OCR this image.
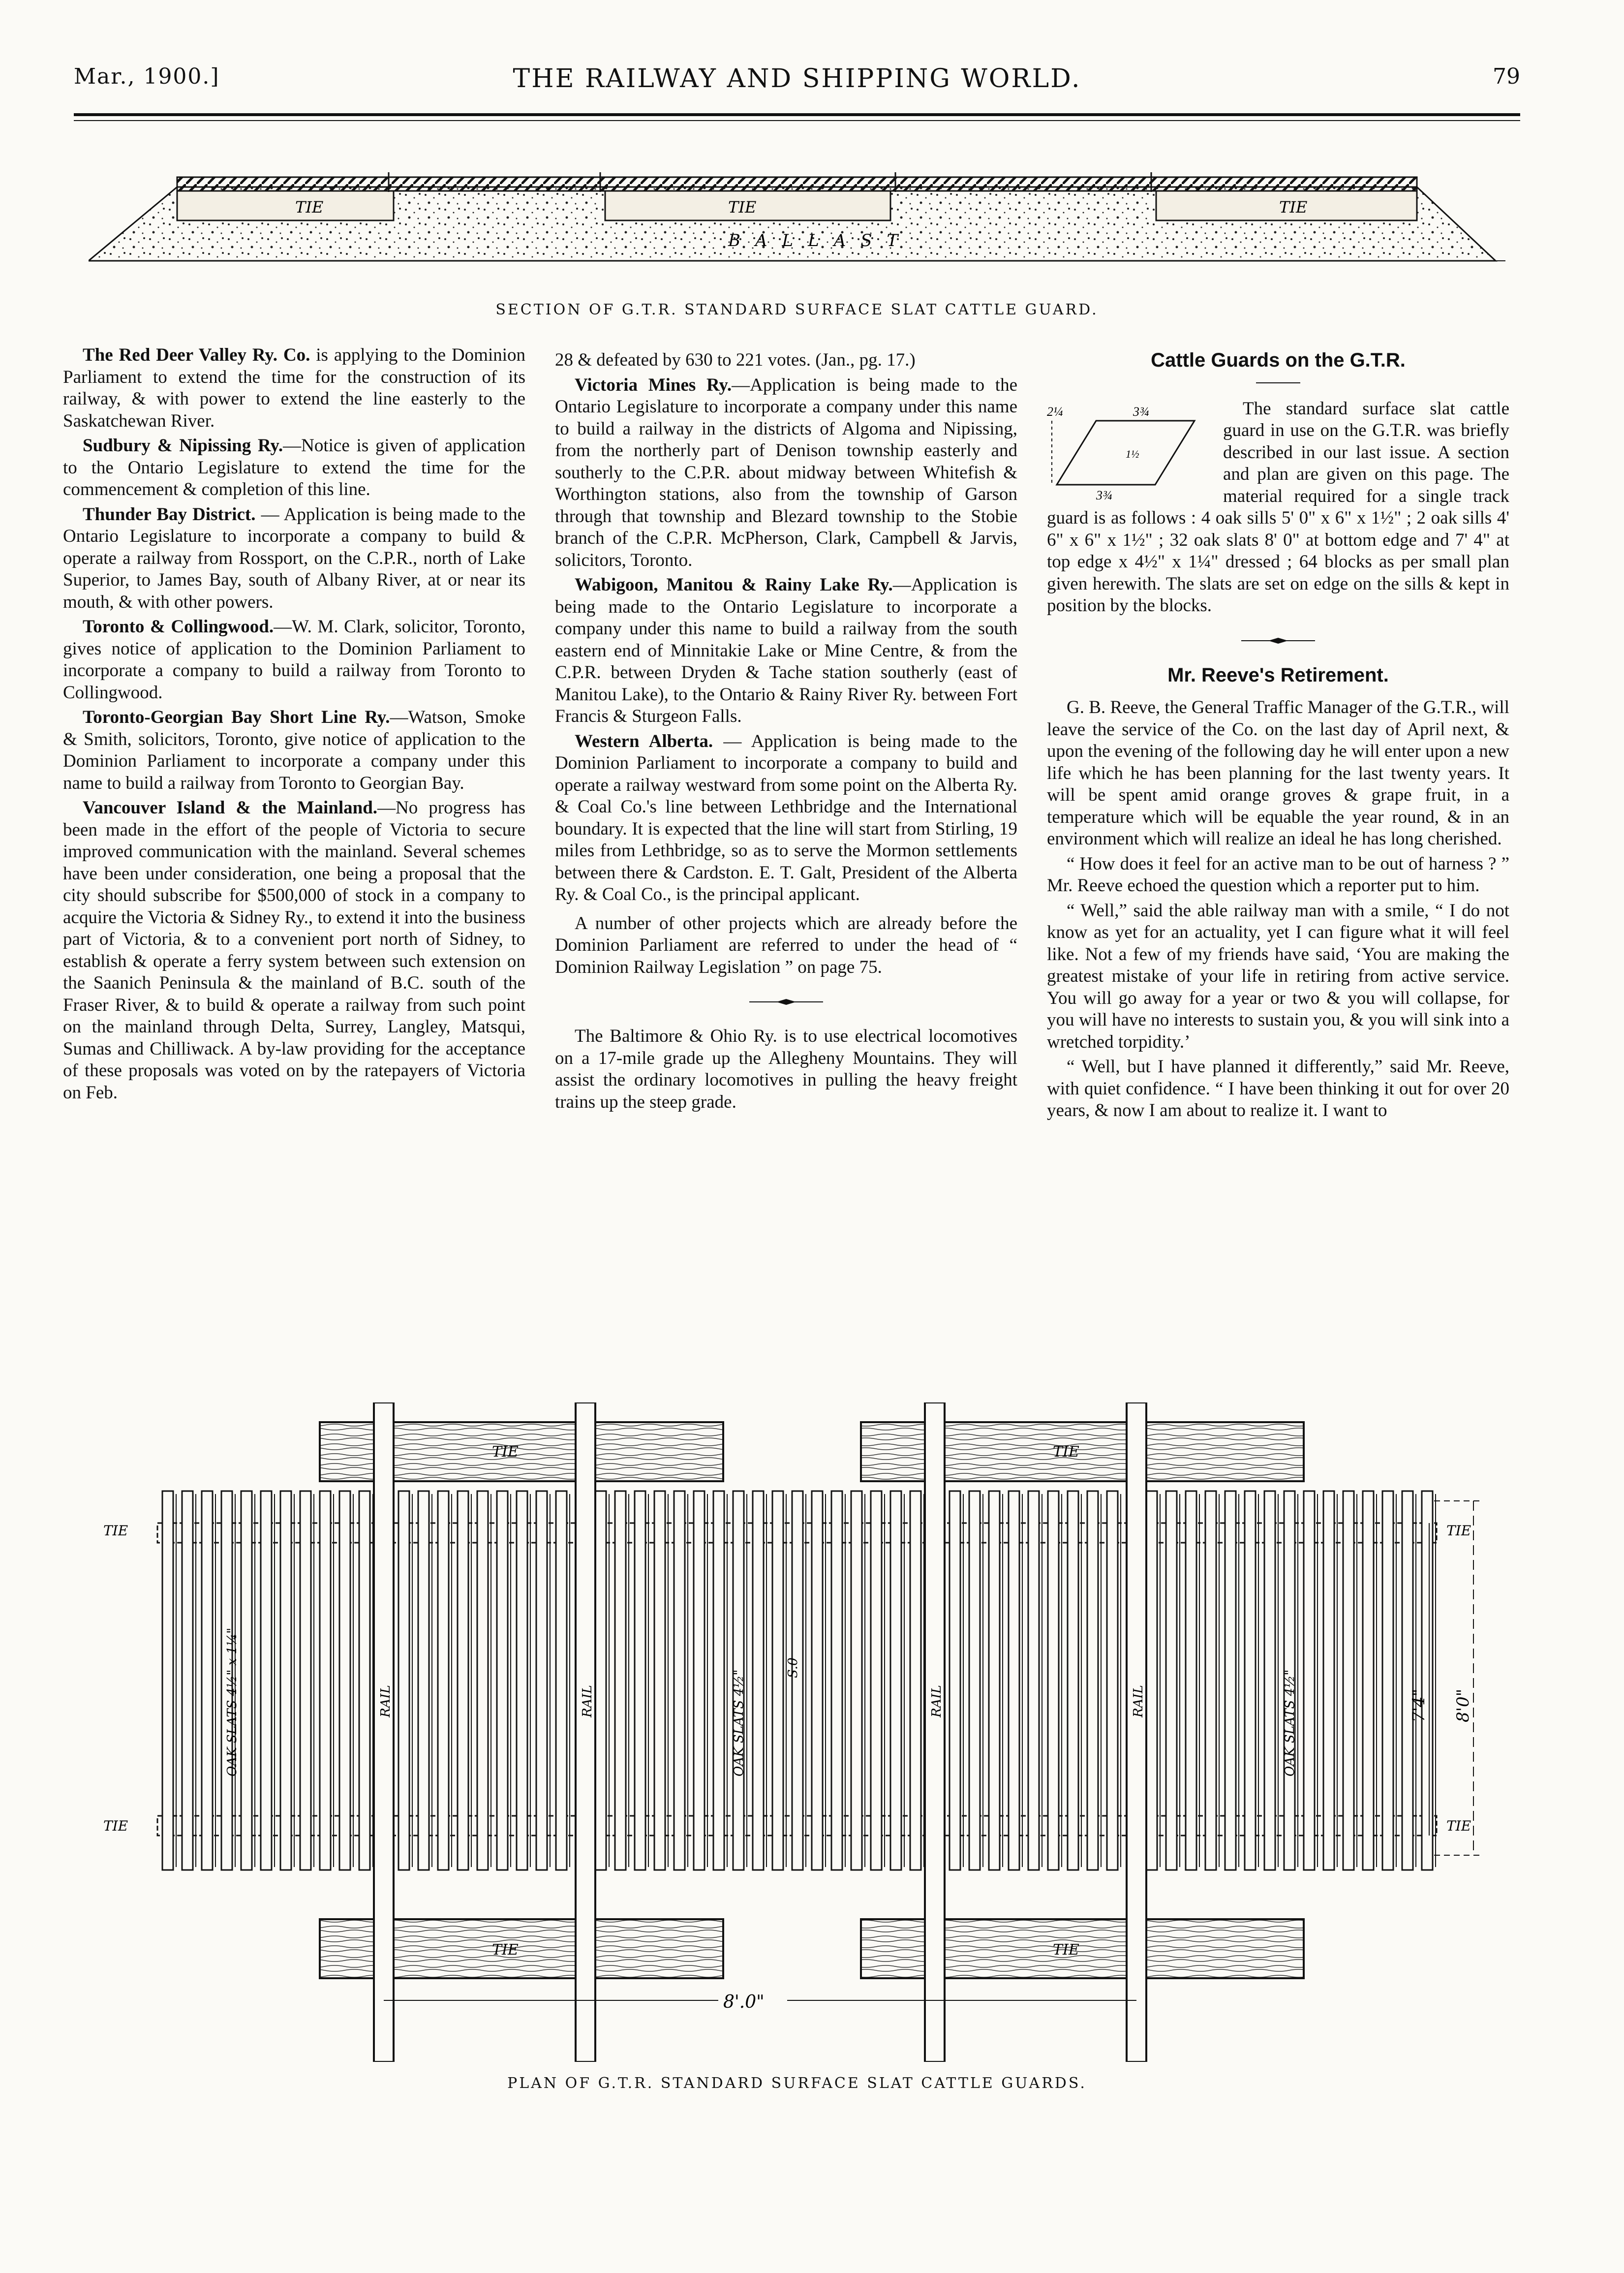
Mar., 1900.]	THE RAILWAY AND SHIPPING WORLD.	79
TIE	TIE	TIE
BALLAST
SECTION OF G.T.R. STANDARD SURFACE SLAT CATTLE GUARD.

The Red Deer Valley Ry. Co. is applying to the Dominion Parliament to extend the time for the construction of its railway, & with power to extend the line easterly to the Saskatchewan River.

Sudbury & Nipissing Ry.—Notice is given of application to the Ontario Legislature to extend the time for the commencement & completion of this line.

Thunder Bay District. — Application is being made to the Ontario Legislature to incorporate a company to build & operate a railway from Rossport, on the C.P.R., north of Lake Superior, to James Bay, south of Albany River, at or near its mouth, & with other powers.

Toronto & Collingwood.—W. M. Clark, solicitor, Toronto, gives notice of application to the Dominion Parliament to incorporate a company to build a railway from Toronto to Collingwood.

Toronto-Georgian Bay Short Line Ry.—Watson, Smoke & Smith, solicitors, Toronto, give notice of application to the Dominion Parliament to incorporate a company under this name to build a railway from Toronto to Georgian Bay.

Vancouver Island & the Mainland.—No progress has been made in the effort of the people of Victoria to secure improved communication with the mainland. Several schemes have been under consideration, one being a proposal that the city should subscribe for $500,000 of stock in a company to acquire the Victoria & Sidney Ry., to extend it into the business part of Victoria, & to a convenient port north of Sidney, to establish & operate a ferry system between such extension on the Saanich Peninsula & the mainland of B.C. south of the Fraser River, & to build & operate a railway from such point on the mainland through Delta, Surrey, Langley, Matsqui, Sumas and Chilliwack. A by-law providing for the acceptance of these proposals was voted on by the ratepayers of Victoria on Feb.

28 & defeated by 630 to 221 votes. (Jan., pg. 17.)

Victoria Mines Ry.—Application is being made to the Ontario Legislature to incorporate a company under this name to build a railway in the districts of Algoma and Nipissing, from the northerly part of Denison township easterly and southerly to the C.P.R. about midway between Whitefish & Worthington stations, also from the township of Garson through that township and Blezard township to the Stobie branch of the C.P.R. McPherson, Clark, Campbell & Jarvis, solicitors, Toronto.

Wabigoon, Manitou & Rainy Lake Ry.—Application is being made to the Ontario Legislature to incorporate a company under this name to build a railway from the south eastern end of Minnitakie Lake or Mine Centre, & from the C.P.R. between Dryden & Tache station southerly (east of Manitou Lake), to the Ontario & Rainy River Ry. between Fort Francis & Sturgeon Falls.

Western Alberta. — Application is being made to the Dominion Parliament to incorporate a company to build and operate a railway westward from some point on the Alberta Ry. & Coal Co.'s line between Lethbridge and the International boundary. It is expected that the line will start from Stirling, 19 miles from Lethbridge, so as to serve the Mormon settlements between there & Cardston. E. T. Galt, President of the Alberta Ry. & Coal Co., is the principal applicant.

A number of other projects which are already before the Dominion Parliament are referred to under the head of “ Dominion Railway Legislation ” on page 75.

The Baltimore & Ohio Ry. is to use electrical locomotives on a 17-mile grade up the Allegheny Mountains. They will assist the ordinary locomotives in pulling the heavy freight trains up the steep grade.

Cattle Guards on the G.T.R.
2¼	3¾
3¾
1½

The standard surface slat cattle guard in use on the G.T.R. was briefly described in our last issue. A section and plan are given on this page. The material required for a single track guard is as follows : 4 oak sills 5' 0" x 6" x 1½" ; 2 oak sills 4' 6" x 6" x 1½" ; 32 oak slats 8' 0" at bottom edge and 7' 4" at top edge x 4½" x 1¼" dressed ; 64 blocks as per small plan given herewith. The slats are set on edge on the sills & kept in position by the blocks.

Mr. Reeve's Retirement.

G. B. Reeve, the General Traffic Manager of the G.T.R., will leave the service of the Co. on the last day of April next, & upon the evening of the following day he will enter upon a new life which he has been planning for the last twenty years. It will be spent amid orange groves & grape fruit, in a temperature which will be equable the year round, & in an environment which will realize an ideal he has long cherished.

“ How does it feel for an active man to be out of harness ? ” Mr. Reeve echoed the question which a reporter put to him.

“ Well,” said the able railway man with a smile, “ I do not know as yet for an actuality, yet I can figure what it will feel like. Not a few of my friends have said, ‘You are making the greatest mistake of your life in retiring from active service. You will go away for a year or two & you will collapse, for you will have no interests to sustain you, & you will sink into a wretched torpidity.’

“ Well, but I have planned it differently,” said Mr. Reeve, with quiet confidence. “ I have been thinking it out for over 20 years, & now I am about to realize it. I want to

TIE	TIE
TIE	TIE
TIE
TIE
TIE
TIE
OAK SLATS 4½" x 1¼"	OAK SLATS 4½"	OAK SLATS 4½"
RAIL	RAIL	RAIL	RAIL
S.0
7'4" 8'0"
8'.0"
PLAN OF G.T.R. STANDARD SURFACE SLAT CATTLE GUARDS.
